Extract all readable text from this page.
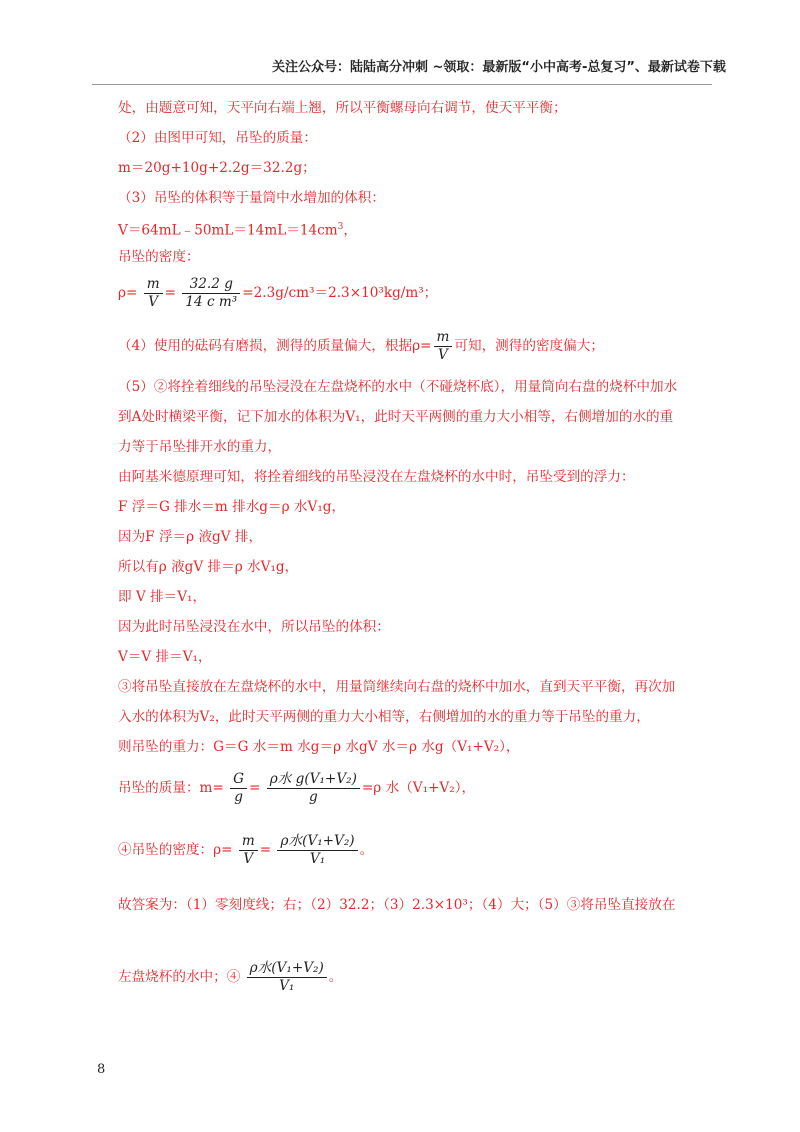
关注公众号：陆陆高分冲刺 ~领取：最新版“小中高考-总复习”、最新试卷下载
处，由题意可知，天平向右端上翘，所以平衡螺母向右调节，使天平平衡；
（2）由图甲可知，吊坠的质量：
m＝20g+10g+2.2g＝32.2g；
（3）吊坠的体积等于量筒中水增加的体积：
$V=64mL﹣50mL=14mL=14cm^3$，
吊坠的密度：
$\rho= \frac{m}{V} = \frac{32.2 g}{\text{14 c m³}} =2.3g/cm^3=2.3\times 10^3kg/m^3$；
（4）使用的砝码有磨损，测得的质量偏大，根据$\rho= \frac{m}{V}$ 可知，测得的密度偏大；
（5）②将拴着细线的吊坠浸没在左盘烧杯的水中（不碰烧杯底），用量筒向右盘的烧杯中加水
到A处时横梁平衡，记下加水的体积为V₁，此时天平两侧的重力大小相等，右侧增加的水的重
力等于吊坠排开水的重力，
由阿基米德原理可知，将拴着细线的吊坠浸没在左盘烧杯的水中时，吊坠受到的浮力：
F 浮＝G 排水＝m 排水g＝ρ 水V₁g，
因为F 浮＝ρ 液gV 排，
所以有ρ 液gV 排＝ρ 水V₁g，
即 V 排＝V₁，
因为此时吊坠浸没在水中，所以吊坠的体积：
V＝V 排＝V₁，
③将吊坠直接放在左盘烧杯的水中，用量筒继续向右盘的烧杯中加水，直到天平平衡，再次加
入水的体积为V₂，此时天平两侧的重力大小相等，右侧增加的水的重力等于吊坠的重力，
则吊坠的重力：G＝G 水＝m 水g＝ρ 水gV 水＝ρ 水g（V₁+V₂），
吊坠的质量：$m= \frac{G}{g} = \frac{\text{ρ水 g(V₁+V₂)}}{g} =\rho$ 水（V₁+V₂），
④吊坠的密度：$\rho= \frac{m}{V} = \frac{\text{ρ水(V₁+V₂)}}{\text{V₁}}$ 。
故答案为：（1）零刻度线；右；（2）32.2；（3）2.3×10³；（4）大；（5）③将吊坠直接放在
左盘烧杯的水中；④ $\frac{\text{ρ水(V₁+V₂)}}{\text{V₁}}$ 。
8
